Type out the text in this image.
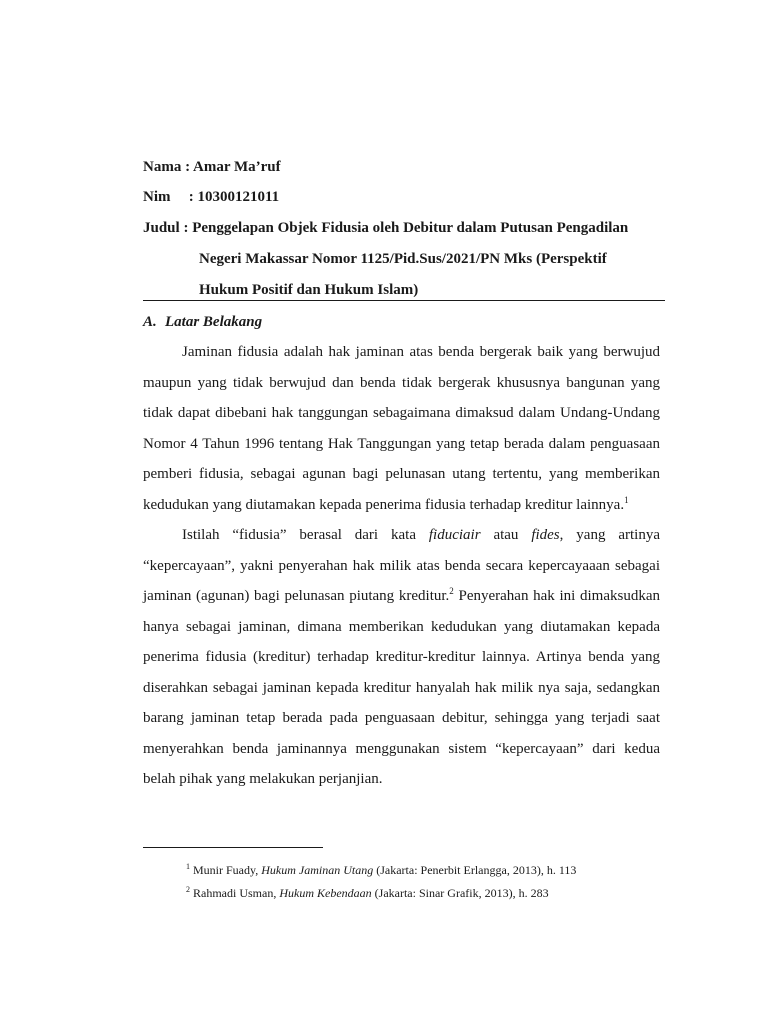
Nama : Amar Ma’ruf
Nim : 10300121011
Judul : Penggelapan Objek Fidusia oleh Debitur dalam Putusan Pengadilan
Negeri Makassar Nomor 1125/Pid.Sus/2021/PN Mks (Perspektif
Hukum Positif dan Hukum Islam)
A. Latar Belakang

Jaminan fidusia adalah hak jaminan atas benda bergerak baik yang berwujud maupun yang tidak berwujud dan benda tidak bergerak khususnya bangunan yang tidak dapat dibebani hak tanggungan sebagaimana dimaksud dalam Undang-Undang Nomor 4 Tahun 1996 tentang Hak Tanggungan yang tetap berada dalam penguasaan pemberi fidusia, sebagai agunan bagi pelunasan utang tertentu, yang memberikan kedudukan yang diutamakan kepada penerima fidusia terhadap kreditur lainnya.$^1$

Istilah “fidusia” berasal dari kata fiduciair atau fides, yang artinya “kepercayaan”, yakni penyerahan hak milik atas benda secara kepercayaaan sebagai jaminan (agunan) bagi pelunasan piutang kreditur.$^2$ Penyerahan hak ini dimaksudkan hanya sebagai jaminan, dimana memberikan kedudukan yang diutamakan kepada penerima fidusia (kreditur) terhadap kreditur-kreditur lainnya. Artinya benda yang diserahkan sebagai jaminan kepada kreditur hanyalah hak milik nya saja, sedangkan barang jaminan tetap berada pada penguasaan debitur, sehingga yang terjadi saat menyerahkan benda jaminannya menggunakan sistem “kepercayaan” dari kedua belah pihak yang melakukan perjanjian.

$^1$ Munir Fuady, Hukum Jaminan Utang (Jakarta: Penerbit Erlangga, 2013), h. 113
$^2$ Rahmadi Usman, Hukum Kebendaan (Jakarta: Sinar Grafik, 2013), h. 283
